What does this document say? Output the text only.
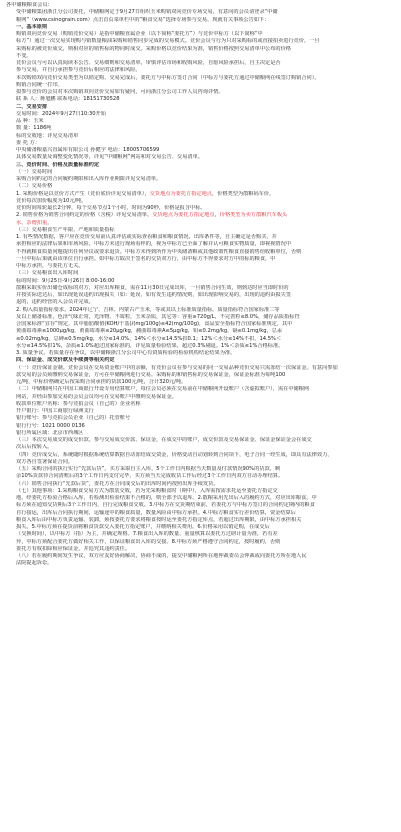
各中储粮粮食会员：
受中储粮集团浙江分公司委托，中储粮网定于9月27日组织玉米购销双向竞价专场交易，有意向的会员请登录“中储
粮网”（www.csinograin.com）点击首页菜单栏中的“粮食交易”选择专场参与交易，现就有关事项公告如下：
一、基本原则
购销双向竞价交易（购销竞价交易）是指中储粮直属企业（以下简称“委托方”）与竞价中标方（以下简称“中
标方”）通过一次交易实现购与销数量粮油采购和销售同步完成的交易模式。竞价会员与行为只对采购标的或直接拍卖进行竞价，一旦
采购标的被竞价成交，则相对应的销售标的物同时成交。采购价格以竞价结果为准，销售价格按照交易清单中公布的价格
不变。
竞价会员与可以认真阅读本公告、交易细则和交易清单，审慎评估市场和收购风险，自愿风险承担后，自主决定是否
参与交易，并自行承担参与竞价后相应的法律和风险。
本次购销双向竞价交易类型为以销定购，交易完成后，委托方与中标方签订合同（中标方与委托方通过中储粮网在线签订购销合同），
购销合同统一打印。
拟参与竞价的会员对本次购销双向竞价交易如有疑问，可向浙江分公司工作人员咨询详情。
联 系 人：蒋旭鹏 联系电话：18151730528
二、交易安排
交易时间：2024年9月27日10:30开始
品 种：玉米
数 量：1186吨
标的交收地：详见交易清单
委 托 方：
中央储备粮嘉兴直属库有限公司 孙健宇 电话：18005706599
具体交易数量及调整变化情况等，详见“中储粮网”网站和对交易公告、交易清单。
三、竞价时间、价格及质量标准约定
（一）交易时间
采购合同约定的合同履约期限和出入库作业期限详见交易清单。
（二）交易价格
1. 采购价格是以竞价方式产生（竞价底价详见交易清单），交货地点为委托方指定地点，价格类型为散粮码车价。
竞价每次加价幅度为10元/吨。
竞价时间每轮最长2分钟，每个交易节点1个小时，时间为90秒，价格是报含中标。
2. 销售价格为销售合同约定的价格（含税）详见交易清单，交货地点为委托方指定地点，价格类型为卖方散粮汽车板头
水、杂增扣重。
（三）交易粮食生产年限、产地和质量指标
1. 有些情况数据，客户应在竞价交易前认真评估或实际查看粮食和粮食情况，出库条件等，自主确定是否购买，并
承担相应的法律后果和市场风险。中标方未进行现场看样的，视为中标方已全面了解并认可粮食实物质量，即视视情况中
不得就粮食质量问题提出任何异议或要求退货。中标方未得到所作为中央储备粮或其他政策性粮食直接销售给收粮单位，否则
一旦中标后果就由该单位自行承担。如中标方取决于签名的交货双方行，由中标方不得要求对方中的标的粮食，中
中标方承担，与委托方无关。
（三）交易粮食出入库时间
标的时间：9月25日-9月26日 8:00-16:00
散粮采取实价出储仓成标的对方，对应出库粮食，需在11月30日完成出库，一旦销售合同生效，则到达时应当即时价的
并按实际送达后，如出现延误违约出现损失（如：延误、如有发生违约情况则，如出现影响交易的，出现的违约由损失签
退的，违约经营的入会员并完成。
2. 购入质量指标要求。2024年辽宁、吉林、内蒙古产玉米，等或其以上标准质量指标。质量指标符合国家标准二等
及以上储备标准，色泽气味正常，光泽物、不霉粒，玉米杂质，其它等：容重≥720g/L，不完善粒≤8.0%，储存品质指标符
合国家标准“宜存”规定，其中脂肪酸值(KOH/干基)/(mg/100g)≤42(mg/100g)，食品安全指标符合国家标准规定，其中
黄曲霉毒素≤1000μg/kg，黄曲霉毒素≤20μg/kg，赭曲霉毒素A≤5μg/kg，铅≤0.2mg/kg，镉≤0.1mg/kg，总汞
≤0.02mg/kg，总砷≤0.5mg/kg，水分≤14.0%，14%＜水分≤14.5%扣0.1；12%＜水分≤14%不扣，14.5%＜
水分≤14.5%扣1%，杂质≤1.0%超过国家标准的，详见质量检验结果，超过0.3%剔退。1%＜杂质≤1%合格标准。
3. 质量争议。若质量存在争议，以中储粮浙江分公司中心有资质检验的检验机构结论结果为准。
四、保证金、成交价款及手续费等相关约定
（一）竞价保证金制。竞价会员在交易资金账户中的余额，有竞价会员在参与交易的同一交易品种竞价交易只需冻结一次保证金。有意向参加
款交易的会员须缴纳交易保证金，方可在中储粮网进行交易。采购标的和销售标的交易保证金，保证金标准为每吨100
元/吨，中标价格确定后按采购合同承担的货款100元/吨，合计320元/吨。
（二）中储粮网只在中国工商银行开设专用结算账户，每位会员必须在交易前在中储粮网开设账户（含虚拟账户），需在中储粮网
网站，并经由参加交易的会员会员均可在交易账户中缴纳交易保证金。
收款单位账户名称：参与竞拍会员（自己的）企业名称
开户银行：中国工商银行绿洲支行
银行账号：参与竞拍会员企业（自己的）托管账号
银行行号：1021 0000 0136
银行所属区域：北京市西城区
（三）本次交易成交的成交价款、参与交易成交价款、保证金，在成交中的账户，成交价款及交易保证金、保证金保证金会在成交
次后后按转入。
（四）竞价成交后，系统随时根据系统结算数据自动冻结成交资金，价格变动自动划转到合同项下，电子合同一经生成，即具有法律效力，
双方各自签署保证合同。
（五）采购合同的执行实行“先款后货”。买方采取自主入库、5个工作日内根据当天数量及付款情况90%的货款，剩
余10%货款待合同清账后的3个工作日内支付完毕，买方须当天完成收货工作后经过3个工作日内双方自动办理结算。
（六）销售合同执行“先款后货”，委托方在合同成交后的出库时间内按照出库手续发货。
（七）其他事项：1.采购粮食交易方式为散装交收，若为先采购粮食时（期中），入库需按需求托运至委托方指定交
地，经委托方检验合格后入库，若检测出检验结果不合格的，则全部予以退库。2.散粮采用先出后入的履约方式，对应出库粮食，中
标方须在通知交货期后3个工作日内，自行完成粮食交收。3.中标方在交货期结束前，若委托方与中标方签订的合同约定期内的粮食
自行接运，出库后合同执行期间，运输途中的粮食质量，数量风险由中标方承担。4.中标方粮食实行差价结算，资金结算后
粮食入库后由中标方负责运输、装卸，须按委托方要求将粮食按时运至委托方指定库点，若超过出库期限，由中标方承担相关
损失。5.中标方须在提货前将粮食货款交入委托方指定账户，并缴纳相关费用。6.价格采用以销定购，在成交后
（交换时间），以中标方（指）为主，并确定规格。7.粮食出入库的数量、重量核算以委托方过磅计量为准，若有差
异，中标方须配合委托方做好相关工作，以保证粮食出入库的交接。8.中标方须严格遵守合同约定，按时履约，否则
委托方有权扣除相应保证金，并追究其违约责任。
（八）若在履约期间发生争议，双方应友好协商解决，协商不成的，提交中储粮网所在地仲裁委员会仲裁或向委托方所在地人民
法院提起诉讼。
